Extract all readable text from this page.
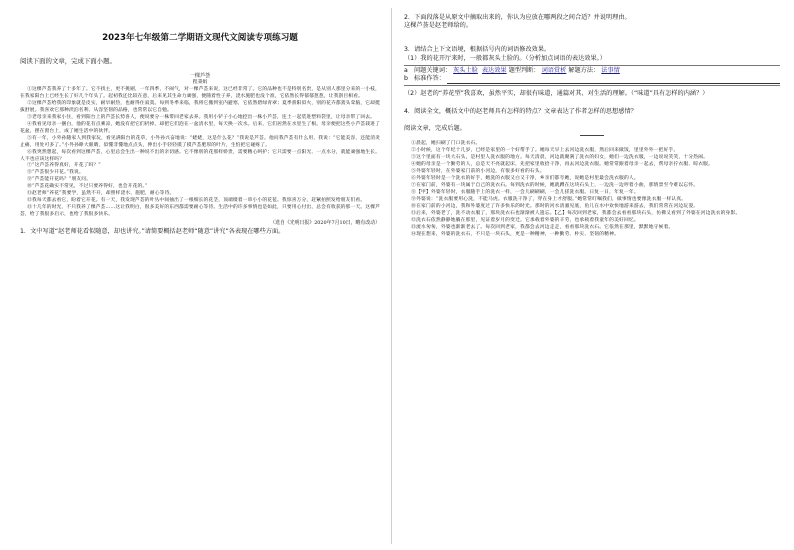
2023年七年级第二学期语文现代文阅读专项练习题
阅读下面的文章，完成下面小题。
一棵芦荟
程秉娟

①这棵芦荟我养了十多年了。它不找主，更不挑剔，一年四季，不闹气，对一棵芦荟来说，这已经非常了。它的品种也不是特别名贵，是从别人那里分来的一小枝，在我家阳台上已经生长了好几个年头了。起初我还比较在意，后来见其生命力顽强，便随着性子养，浇水施肥也没个准，它依然长得郁郁葱葱，让我刮目相看。

②这棵芦荟给我的印象就是皮实，耐旱耐热，也耐得住寂寞。每到冬季来临，我将它搬到室内避寒，它依然碧绿青翠；夏季骄阳似火，别的花卉都蔫头耷脑，它却挺拔舒展。我喜欢它那种淡泊名利、从容坚韧的品格，也常常以它自勉。

③老母亲来我家小住，看到阳台上的芦荟长势喜人，便说要分一株带回老家去养。我用小铲子小心地挖出一株小芦荟，连土一起装进塑料袋里，让母亲带了回去。

④我看见母亲一捆白，他的花有点乘凉，她没有把它们扔掉，却把它们泡在一盆清水里，每天换一次水。后来，它们居然在水里生了根。母亲便把这些小芦荟栽进了花盆，摆在窗台上，成了她生活中的伙伴。

⑤有一年，小外孙随家人到我家玩，看见满阳台的花草，小外孙兴奋地说：“姥姥，这是什么花？”我说是芦荟。他问我芦荟有什么用，我说：“它能美容，还能消炎止痛，用处可多了。”小外孙睁大眼睛，似懂非懂地点点头，伸出小手轻轻摸了摸芦荟肥厚的叶片，生怕把它碰疼了。

⑥我突然想起，每次看到这棵芦荟，心里总会生出一种说不出的亲切感。它不像别的花那样娇贵，需要精心呵护；它只需要一点阳光、一点水分，就能顽强地生长。人不也应该这样吗？

⑦“这芦荟养得真好，开花了吗？”

⑧“芦荟很少开花。”我说。

⑨“芦荟能开花吗？”朋友问。

⑩“芦荟花确实不常见，不过只要养得好，也会开花的。”

⑪赵老师“养花”我要学，虽然不开，却照样浇水、施肥，耐心等待。

⑫我每天都去看它，盼着它开花。有一天，我发现芦荟的叶丛中间抽出了一根细长的花茎，顶端缀着一串小小的花苞。我惊喜万分，赶紧拍照发给朋友们看。

⑬十几年的时光，不只我养了棵芦荟……这让我明白，很多美好的东西都需要耐心等待。生活中的许多事情也是如此，只要用心付出，总会有收获的那一天。这棵芦荟，给了我很多启示，也给了我很多快乐。

（选自《光明日报》2020年7月10日，略有改动）
1．文中写道“赵老师花看似随意，却也讲究。”请简要概括赵老师“随意”讲究”各表现在哪些方面。
2．下面段落是从原文中摘取出来的，你认为应放在哪两段之间合适？并说明理由。
这棵芦荟是赵老师给的。
3．请结合上下文语境，根据括号内的词语修改效果。
（1）我的花开厅来时，一般都灰头土脸的。（分析加点词语的表达效果。）
a	问题关键词： 灰头土脸 表达效果 题型判断： 词语赏析 解题方法： 法事情
b 标准作答：
（2）赵老的“养花型”我喜欢，虽然平实，却很有味道，通篇对其、对生活的理解。（“味道”具有怎样的内涵？）
4．阅读全文，概括文中的赵老师具有怎样的特点？文章表达了作者怎样的思想感情？
阅读文章，完成后题。

①晨起，她扫刷了门口洗衣石。

②小时候，这个年纪十几岁，已经是家里的一个好帮手了。她每天早上去河边洗衣服，然后回来做饭，里里外外一把好手。

③这个里面有一块大石头，是村里人洗衣服的地方。每天清晨，河边就聚满了洗衣的妇女，她们一边洗衣服，一边说说笑笑，十分热闹。

④她的母亲是一个勤劳的人，总是天不亮就起床，先把家里收拾干净，再去河边洗衣服。她常常跟着母亲一起去，帮母亲拧衣服、晾衣服。

⑤外婆年轻时，在外婆家门前的小河边，有很多好看的石头。

⑥外婆年轻时是一个洗衣的好手，她洗的衣服又白又干净，乡亲们都夸她，说她是村里最会洗衣服的人。

⑦在家门前，外婆有一块属于自己的洗衣石。每到洗衣的时候，她就蹲在这块石头上，一边洗一边哼着小曲，那情景至今难以忘怀。

⑧【甲】外婆年轻时，衣服随手上的洗衣一样，一会儿刷刷刷，一会儿搓洗衣服。日复一日，年复一年。

⑨外婆说：“洗衣服要用心洗，不能马虎。衣服洗干净了，穿在身上才舒服。”她常常叮嘱我们，做事情也要像洗衣服一样认真。

⑩在家门前的小河边，我和外婆度过了许多快乐的时光。那时的河水清澈见底，鱼儿在水中欢快地游来游去，我们常常在河边玩耍。

⑪后来，外婆老了，洗不动衣服了，那块洗衣石也渐渐被人遗忘。【乙】每次回到老家，我都会去看看那块石头，仿佛又看到了外婆在河边洗衣的身影。

⑫洗衣石依然静静地躺在那里，见证着岁月的变迁。它承载着外婆的辛劳，也承载着我童年的美好回忆。

⑬流水匆匆，外婆也渐渐老去了。每次回到老家，我都会去河边走走，看看那块洗衣石。它依然在那里，默默地守候着。

⑭现在想来，外婆的洗衣石，不只是一块石头，更是一种精神，一种勤劳、朴实、坚韧的精神。
